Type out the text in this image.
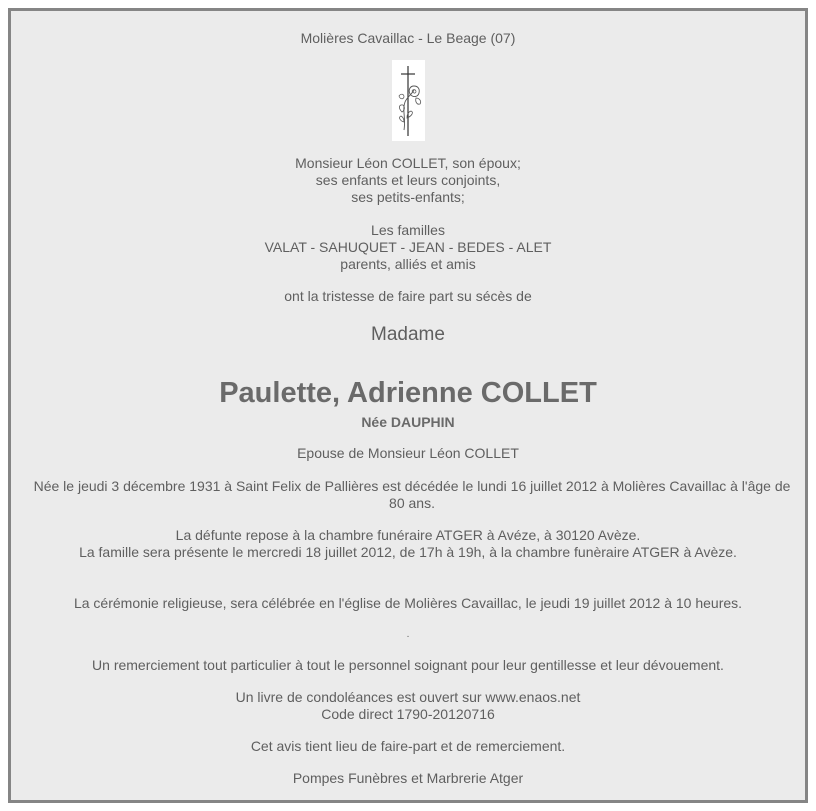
Molières Cavaillac - Le Beage (07)
Monsieur Léon COLLET, son époux;
ses enfants et leurs conjoints,
ses petits-enfants;
Les familles
VALAT - SAHUQUET - JEAN - BEDES - ALET
parents, alliés et amis
ont la tristesse de faire part su sécès de
Madame
Paulette, Adrienne COLLET
Née DAUPHIN
Epouse de Monsieur Léon COLLET
Née le jeudi 3 décembre 1931 à Saint Felix de Pallières est décédée le lundi 16 juillet 2012 à Molières Cavaillac à l'âge de 80 ans.
La défunte repose à la chambre funéraire ATGER à Avéze, à 30120 Avèze.
La famille sera présente le mercredi 18 juillet 2012, de 17h à 19h, à la chambre funèraire ATGER à Avèze.
La cérémonie religieuse, sera célébrée en l'église de Molières Cavaillac, le jeudi 19 juillet 2012 à 10 heures.
.
Un remerciement tout particulier à tout le personnel soignant pour leur gentillesse et leur dévouement.
Un livre de condoléances est ouvert sur www.enaos.net
Code direct 1790-20120716
Cet avis tient lieu de faire-part et de remerciement.
Pompes Funèbres et Marbrerie Atger
